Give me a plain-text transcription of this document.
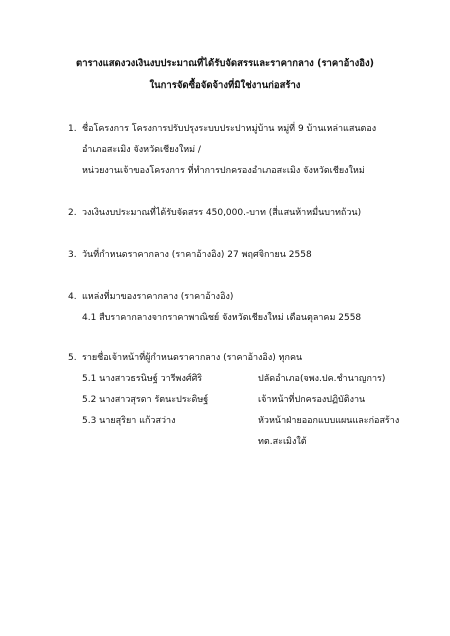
ตารางแสดงวงเงินงบประมาณที่ได้รับจัดสรรและราคากลาง (ราคาอ้างอิง)
ในการจัดซื้อจัดจ้างที่มิใช่งานก่อสร้าง
1. ชื่อโครงการ โครงการปรับปรุงระบบประปาหมู่บ้าน หมู่ที่ 9 บ้านเหล่าแสนตอง
อำเภอสะเมิง จังหวัดเชียงใหม่ /
หน่วยงานเจ้าของโครงการ ที่ทำการปกครองอำเภอสะเมิง จังหวัดเชียงใหม่
2. วงเงินงบประมาณที่ได้รับจัดสรร 450,000.-บาท (สี่แสนห้าหมื่นบาทถ้วน)
3. วันที่กำหนดราคากลาง (ราคาอ้างอิง) 27 พฤศจิกายน 2558
4. แหล่งที่มาของราคากลาง (ราคาอ้างอิง)
4.1 สืบราคากลางจากราคาพาณิชย์ จังหวัดเชียงใหม่ เดือนตุลาคม 2558
5. รายชื่อเจ้าหน้าที่ผู้กำหนดราคากลาง (ราคาอ้างอิง) ทุกคน
5.1 นางสาวธรนิษฐ์ วารีพงศ์ศิริ	ปลัดอำเภอ(จพง.ปค.ชำนาญการ)
5.2 นางสาวสุรดา รัตนะประดิษฐ์	เจ้าหน้าที่ปกครองปฏิบัติงาน
5.3 นายสุริยา แก้วสว่าง	หัวหน้าฝ่ายออกแบบแผนและก่อสร้าง
ทต.สะเมิงใต้
